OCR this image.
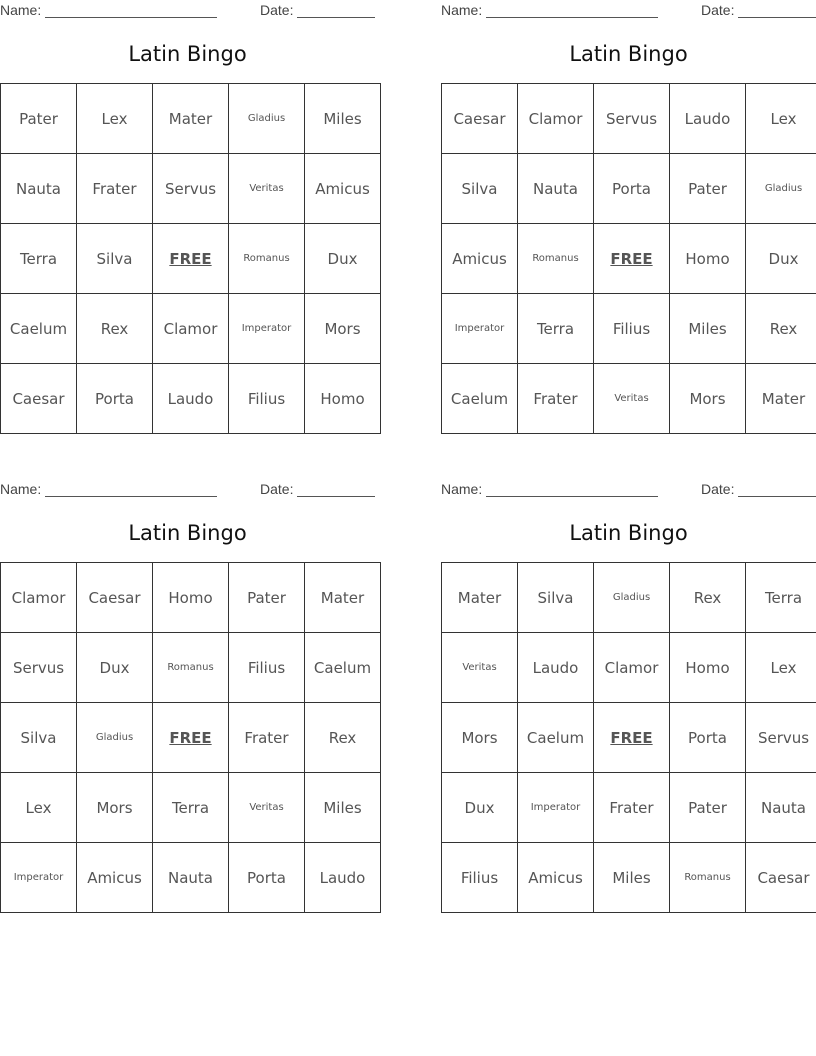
Name:	Date:
Latin Bingo
Pater	Lex	Mater	Gladius	Miles
Nauta	Frater	Servus	Veritas	Amicus
Terra	Silva	FREE	Romanus	Dux
Caelum	Rex	Clamor	Imperator	Mors
Caesar	Porta	Laudo	Filius	Homo
Name:	Date:
Latin Bingo
Caesar	Clamor	Servus	Laudo	Lex
Silva	Nauta	Porta	Pater	Gladius
Amicus	Romanus	FREE	Homo	Dux
Imperator	Terra	Filius	Miles	Rex
Caelum	Frater	Veritas	Mors	Mater
Name:	Date:
Latin Bingo
Clamor	Caesar	Homo	Pater	Mater
Servus	Dux	Romanus	Filius	Caelum
Silva	Gladius	FREE	Frater	Rex
Lex	Mors	Terra	Veritas	Miles
Imperator	Amicus	Nauta	Porta	Laudo
Name:	Date:
Latin Bingo
Mater	Silva	Gladius	Rex	Terra
Veritas	Laudo	Clamor	Homo	Lex
Mors	Caelum	FREE	Porta	Servus
Dux	Imperator	Frater	Pater	Nauta
Filius	Amicus	Miles	Romanus	Caesar
